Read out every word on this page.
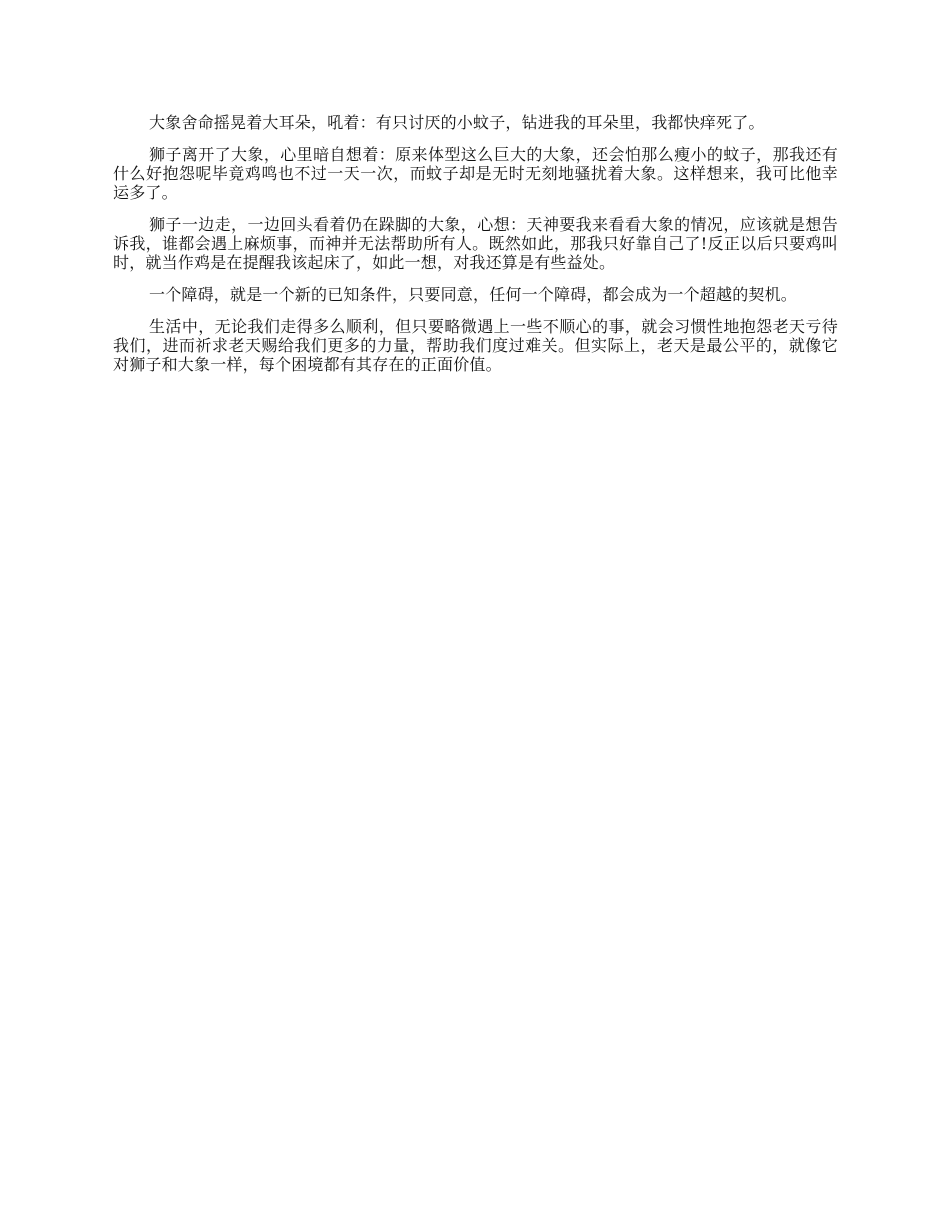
大象舍命摇晃着大耳朵，吼着：有只讨厌的小蚊子，钻进我的耳朵里，我都快痒死了。

狮子离开了大象，心里暗自想着：原来体型这么巨大的大象，还会怕那么瘦小的蚊子，那我还有什么好抱怨呢毕竟鸡鸣也不过一天一次，而蚊子却是无时无刻地骚扰着大象。这样想来，我可比他幸运多了。

狮子一边走，一边回头看着仍在跺脚的大象，心想：天神要我来看看大象的情况，应该就是想告诉我，谁都会遇上麻烦事，而神并无法帮助所有人。既然如此，那我只好靠自己了!反正以后只要鸡叫时，就当作鸡是在提醒我该起床了，如此一想，对我还算是有些益处。

一个障碍，就是一个新的已知条件，只要同意，任何一个障碍，都会成为一个超越的契机。

生活中，无论我们走得多么顺利，但只要略微遇上一些不顺心的事，就会习惯性地抱怨老天亏待我们，进而祈求老天赐给我们更多的力量，帮助我们度过难关。但实际上，老天是最公平的，就像它对狮子和大象一样，每个困境都有其存在的正面价值。
